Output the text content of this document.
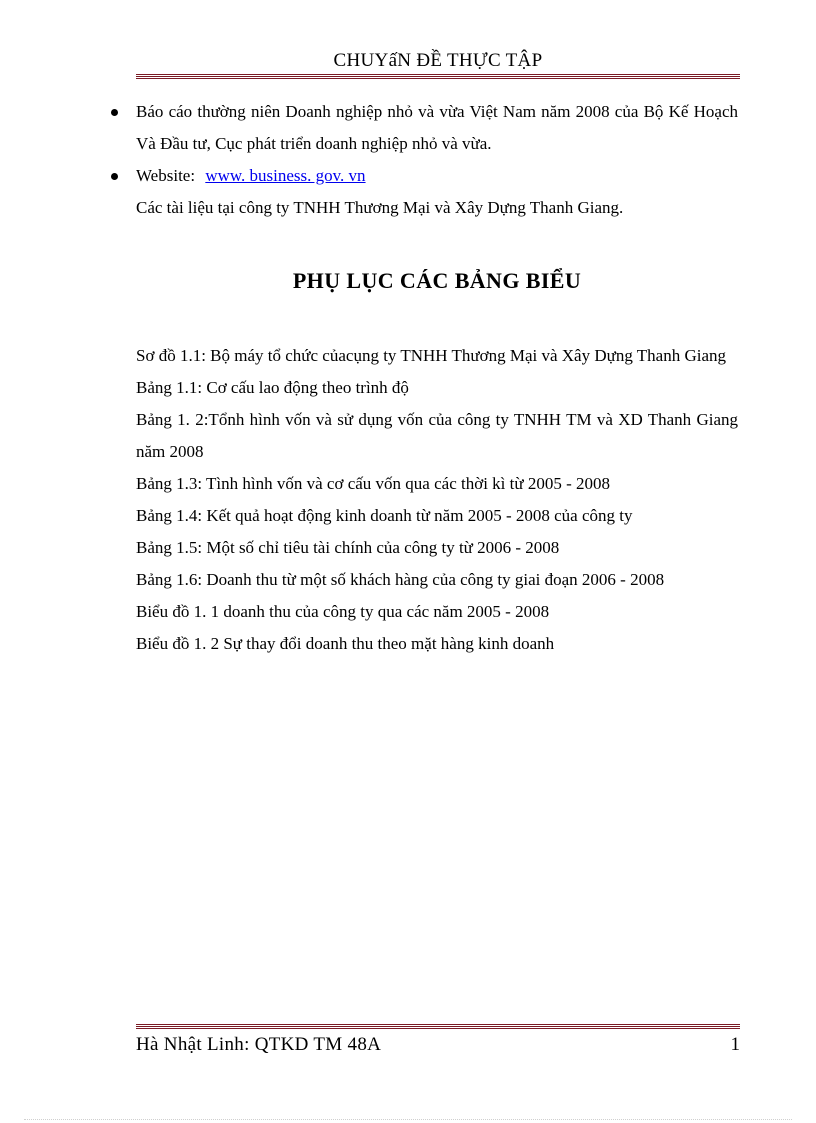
CHUYấN ĐỀ THỰC TẬP
Báo cáo thường niên Doanh nghiệp nhỏ và vừa Việt Nam năm 2008 của Bộ Kế Hoạch Và Đầu tư, Cục phát triển doanh nghiệp nhỏ và vừa.
Website: www. business. gov. vn
Các tài liệu tại công ty TNHH Thương Mại và Xây Dựng Thanh Giang.
PHỤ LỤC CÁC BẢNG BIỂU
Sơ đồ 1.1: Bộ máy tổ chức củacụng ty TNHH Thương Mại và Xây Dựng Thanh Giang
Bảng 1.1: Cơ cấu lao động theo trình độ
Bảng 1. 2:Tổnh hình vốn và sử dụng vốn của công ty TNHH TM và XD Thanh Giang năm 2008
Bảng 1.3: Tình hình vốn và cơ cấu vốn qua các thời kì từ 2005 - 2008
Bảng 1.4: Kết quả hoạt động kinh doanh từ năm 2005 - 2008 của công ty
Bảng 1.5: Một số chỉ tiêu tài chính của công ty từ 2006 - 2008
Bảng 1.6: Doanh thu từ một số khách hàng của công ty giai đoạn 2006 - 2008
Biểu đồ 1. 1 doanh thu của công ty qua các năm 2005 - 2008
Biểu đồ 1. 2 Sự thay đổi doanh thu theo mặt hàng kinh doanh
Hà Nhật Linh: QTKD TM 48A	1
